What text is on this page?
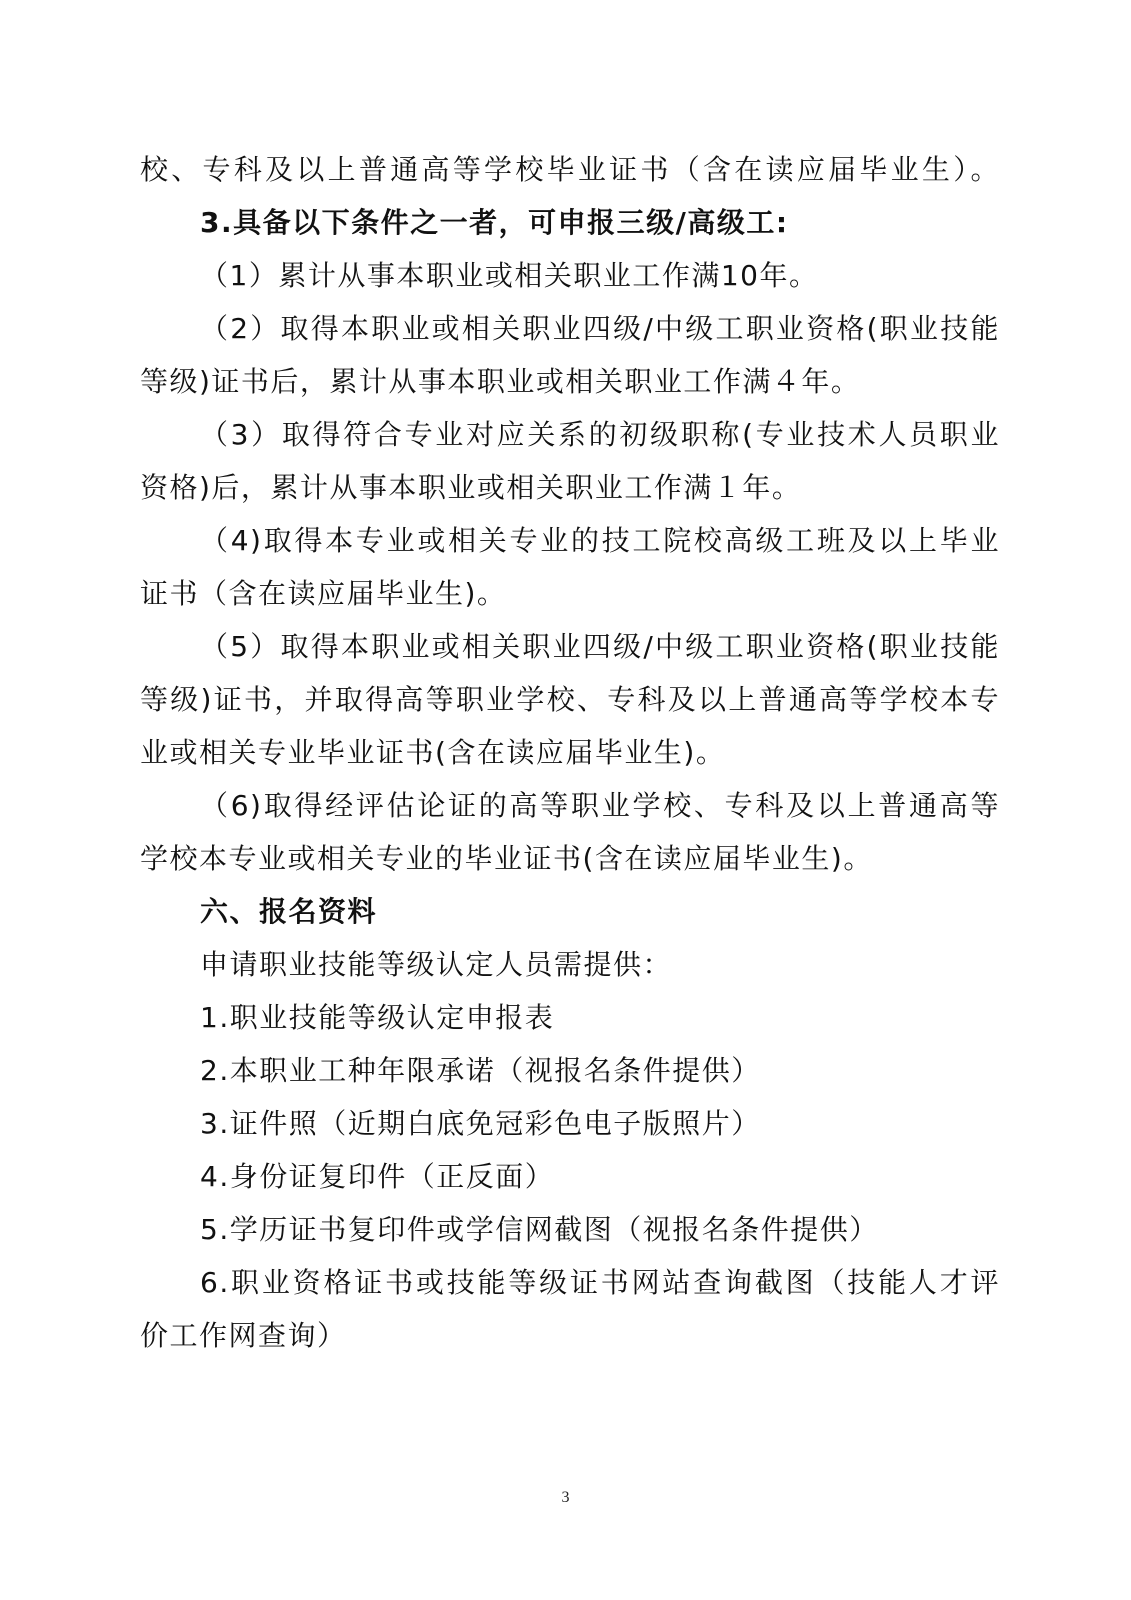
校、专科及以上普通高等学校毕业证书（含在读应届毕业生）。
3.具备以下条件之一者，可申报三级/高级工:
（1）累计从事本职业或相关职业工作满10年。
（2）取得本职业或相关职业四级/中级工职业资格(职业技能
等级)证书后，累计从事本职业或相关职业工作满４年。
（3）取得符合专业对应关系的初级职称(专业技术人员职业
资格)后，累计从事本职业或相关职业工作满１年。
（4)取得本专业或相关专业的技工院校高级工班及以上毕业
证书（含在读应届毕业生)。
（5）取得本职业或相关职业四级/中级工职业资格(职业技能
等级)证书，并取得高等职业学校、专科及以上普通高等学校本专
业或相关专业毕业证书(含在读应届毕业生)。
（6)取得经评估论证的高等职业学校、专科及以上普通高等
学校本专业或相关专业的毕业证书(含在读应届毕业生)。
六、报名资料
申请职业技能等级认定人员需提供：
1.职业技能等级认定申报表
2.本职业工种年限承诺（视报名条件提供）
3.证件照（近期白底免冠彩色电子版照片）
4.身份证复印件（正反面）
5.学历证书复印件或学信网截图（视报名条件提供）
6.职业资格证书或技能等级证书网站查询截图（技能人才评
价工作网查询）
3
